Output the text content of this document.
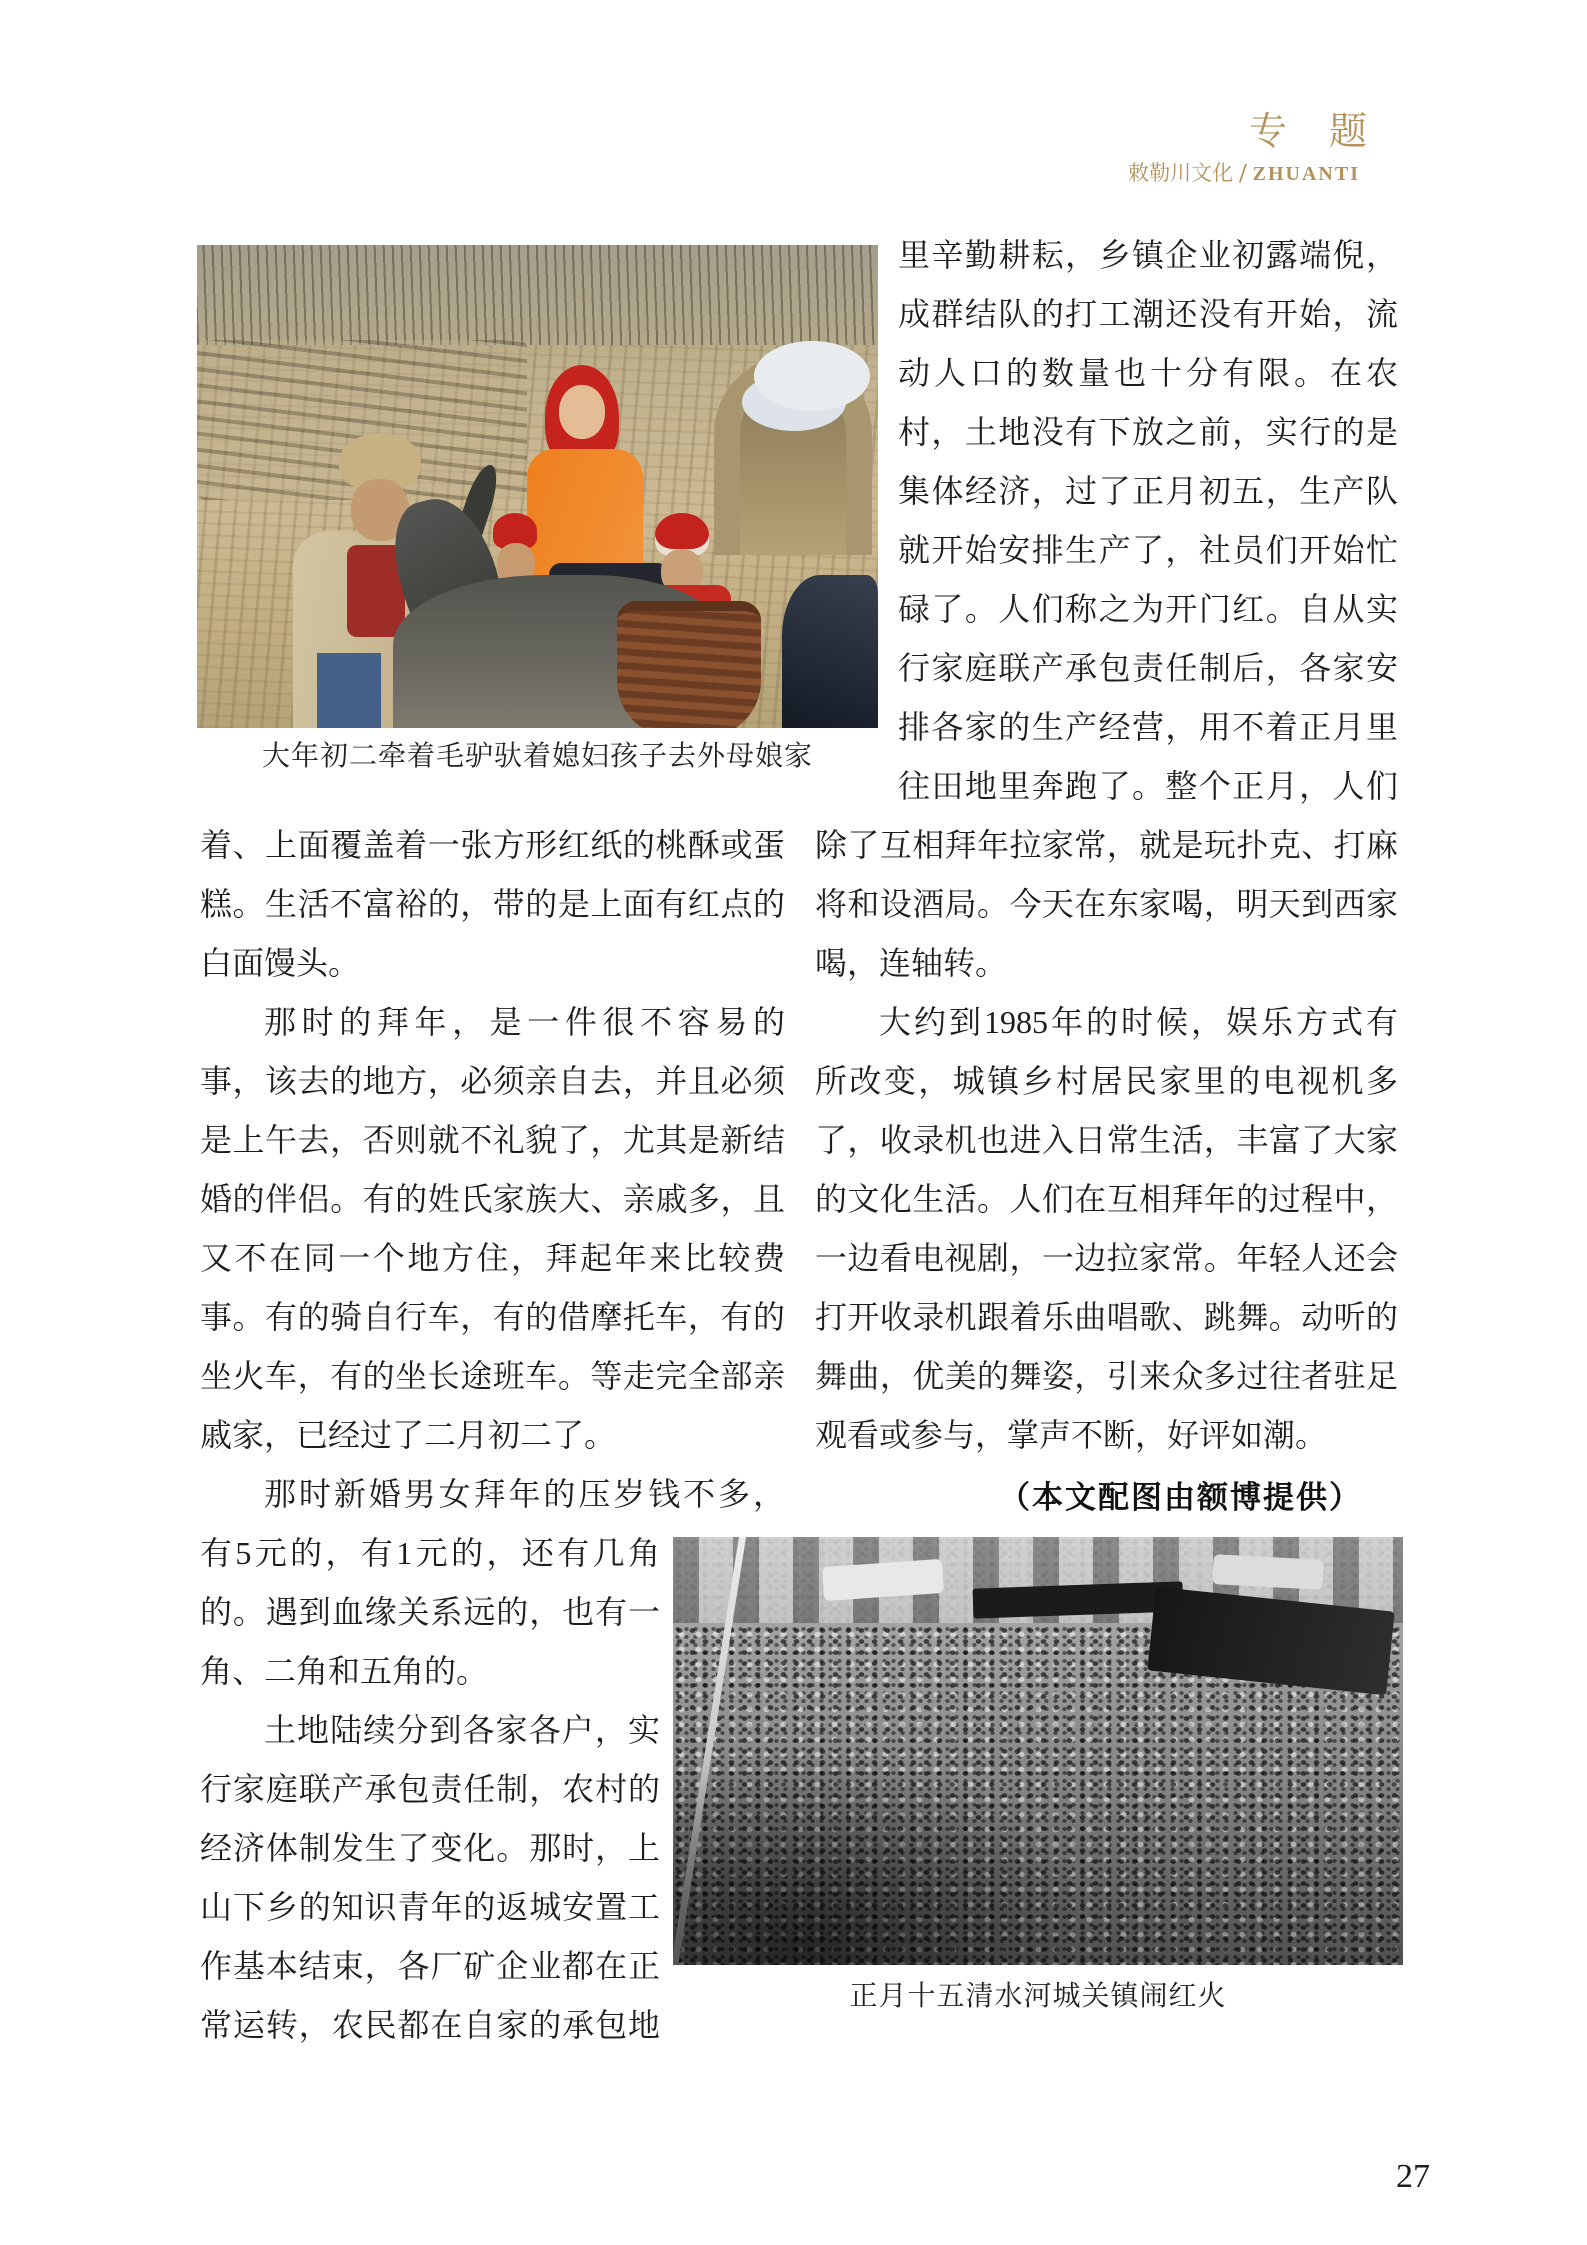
专　题
敕勒川文化 / ZHUANTI
大年初二牵着毛驴驮着媳妇孩子去外母娘家
里辛勤耕耘，乡镇企业初露端倪，
成群结队的打工潮还没有开始，流
动人口的数量也十分有限。在农
村，土地没有下放之前，实行的是
集体经济，过了正月初五，生产队
就开始安排生产了，社员们开始忙
碌了。人们称之为开门红。自从实
行家庭联产承包责任制后，各家安
排各家的生产经营，用不着正月里
往田地里奔跑了。整个正月，人们
除了互相拜年拉家常，就是玩扑克、打麻
将和设酒局。今天在东家喝，明天到西家
喝，连轴转。
大约到1985年的时候，娱乐方式有
所改变，城镇乡村居民家里的电视机多
了，收录机也进入日常生活，丰富了大家
的文化生活。人们在互相拜年的过程中，
一边看电视剧，一边拉家常。年轻人还会
打开收录机跟着乐曲唱歌、跳舞。动听的
舞曲，优美的舞姿，引来众多过往者驻足
观看或参与，掌声不断，好评如潮。
着、上面覆盖着一张方形红纸的桃酥或蛋
糕。生活不富裕的，带的是上面有红点的
白面馒头。
那时的拜年，是一件很不容易的
事，该去的地方，必须亲自去，并且必须
是上午去，否则就不礼貌了，尤其是新结
婚的伴侣。有的姓氏家族大、亲戚多，且
又不在同一个地方住，拜起年来比较费
事。有的骑自行车，有的借摩托车，有的
坐火车，有的坐长途班车。等走完全部亲
戚家，已经过了二月初二了。
那时新婚男女拜年的压岁钱不多，
有5元的，有1元的，还有几角
的。遇到血缘关系远的，也有一
角、二角和五角的。
土地陆续分到各家各户，实
行家庭联产承包责任制，农村的
经济体制发生了变化。那时，上
山下乡的知识青年的返城安置工
作基本结束，各厂矿企业都在正
常运转，农民都在自家的承包地
（本文配图由额博提供）
正月十五清水河城关镇闹红火
27
